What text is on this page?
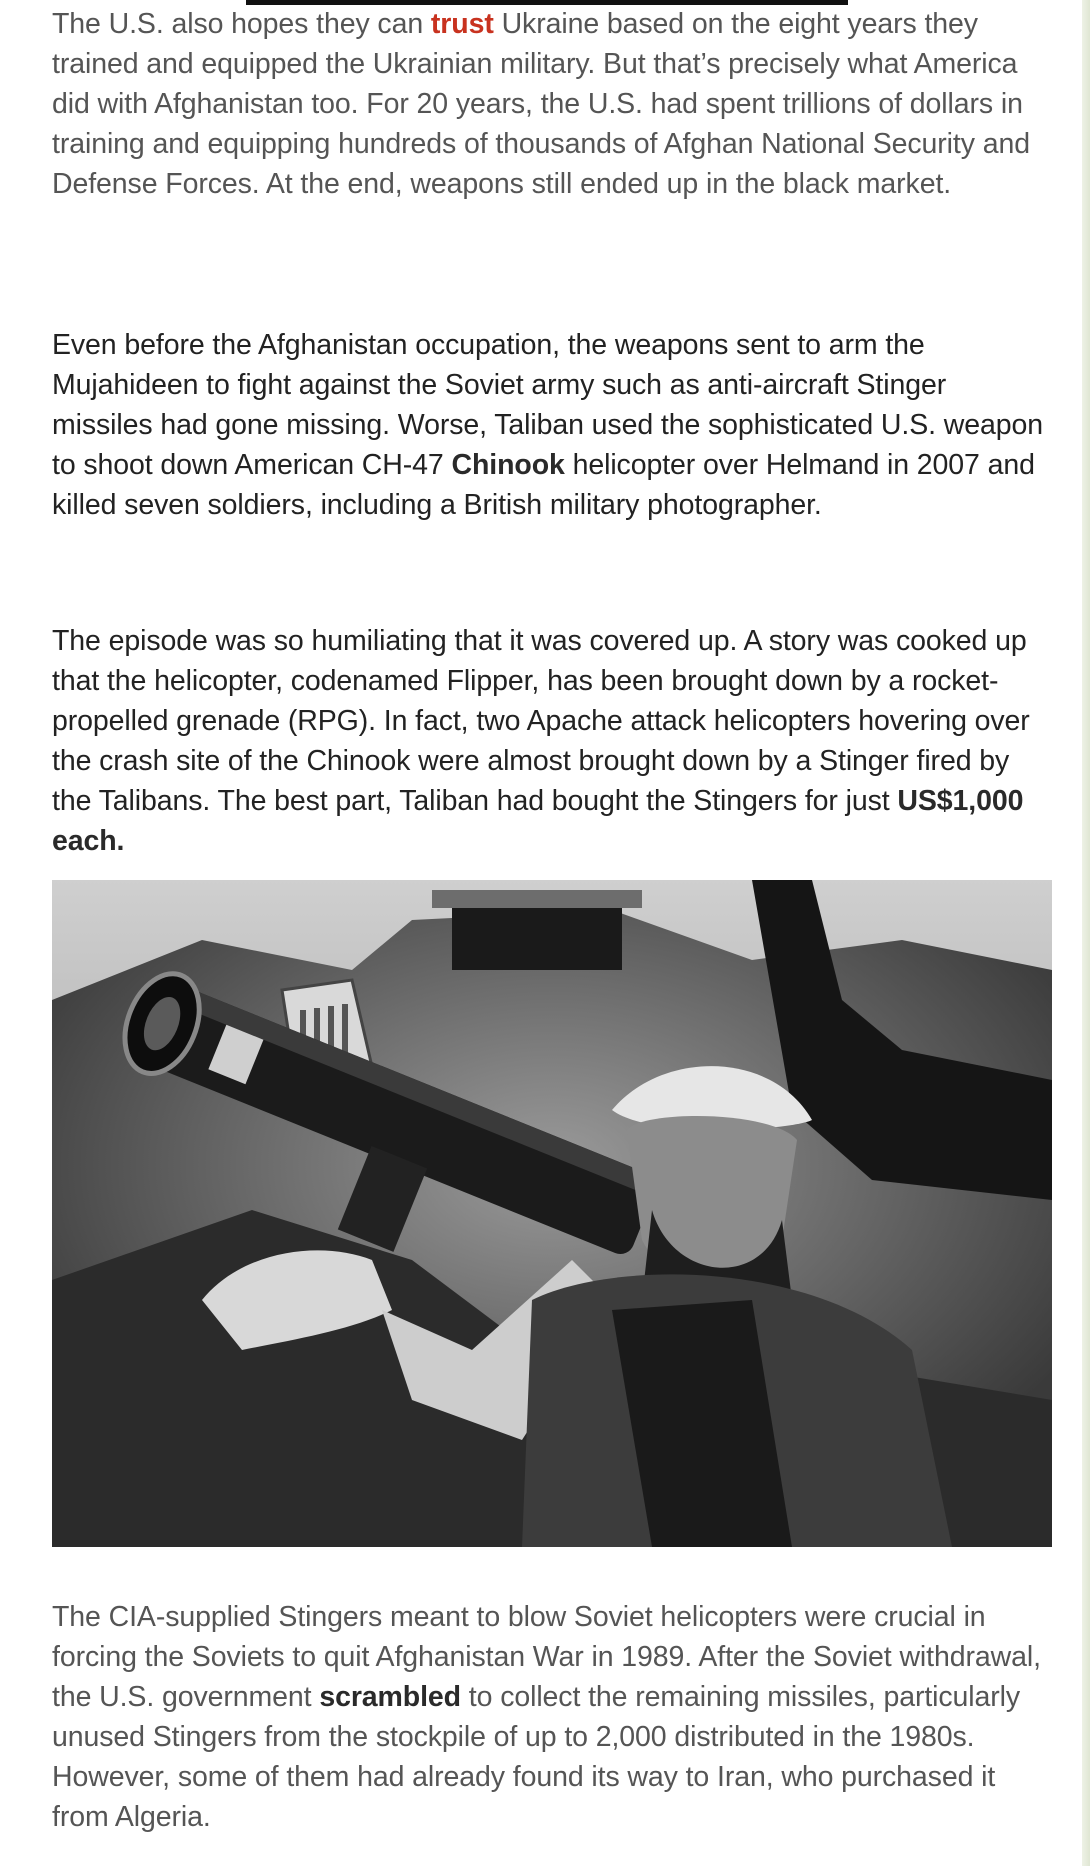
The U.S. also hopes they can trust Ukraine based on the eight years they trained and equipped the Ukrainian military. But that’s precisely what America did with Afghanistan too. For 20 years, the U.S. had spent trillions of dollars in training and equipping hundreds of thousands of Afghan National Security and Defense Forces. At the end, weapons still ended up in the black market.

Even before the Afghanistan occupation, the weapons sent to arm the Mujahideen to fight against the Soviet army such as anti-aircraft Stinger missiles had gone missing. Worse, Taliban used the sophisticated U.S. weapon to shoot down American CH-47 Chinook helicopter over Helmand in 2007 and killed seven soldiers, including a British military photographer.

The episode was so humiliating that it was covered up. A story was cooked up that the helicopter, codenamed Flipper, has been brought down by a rocket-propelled grenade (RPG). In fact, two Apache attack helicopters hovering over the crash site of the Chinook were almost brought down by a Stinger fired by the Talibans. The best part, Taliban had bought the Stingers for just US$1,000 each.

The CIA-supplied Stingers meant to blow Soviet helicopters were crucial in forcing the Soviets to quit Afghanistan War in 1989. After the Soviet withdrawal, the U.S. government scrambled to collect the remaining missiles, particularly unused Stingers from the stockpile of up to 2,000 distributed in the 1980s. However, some of them had already found its way to Iran, who purchased it from Algeria.
